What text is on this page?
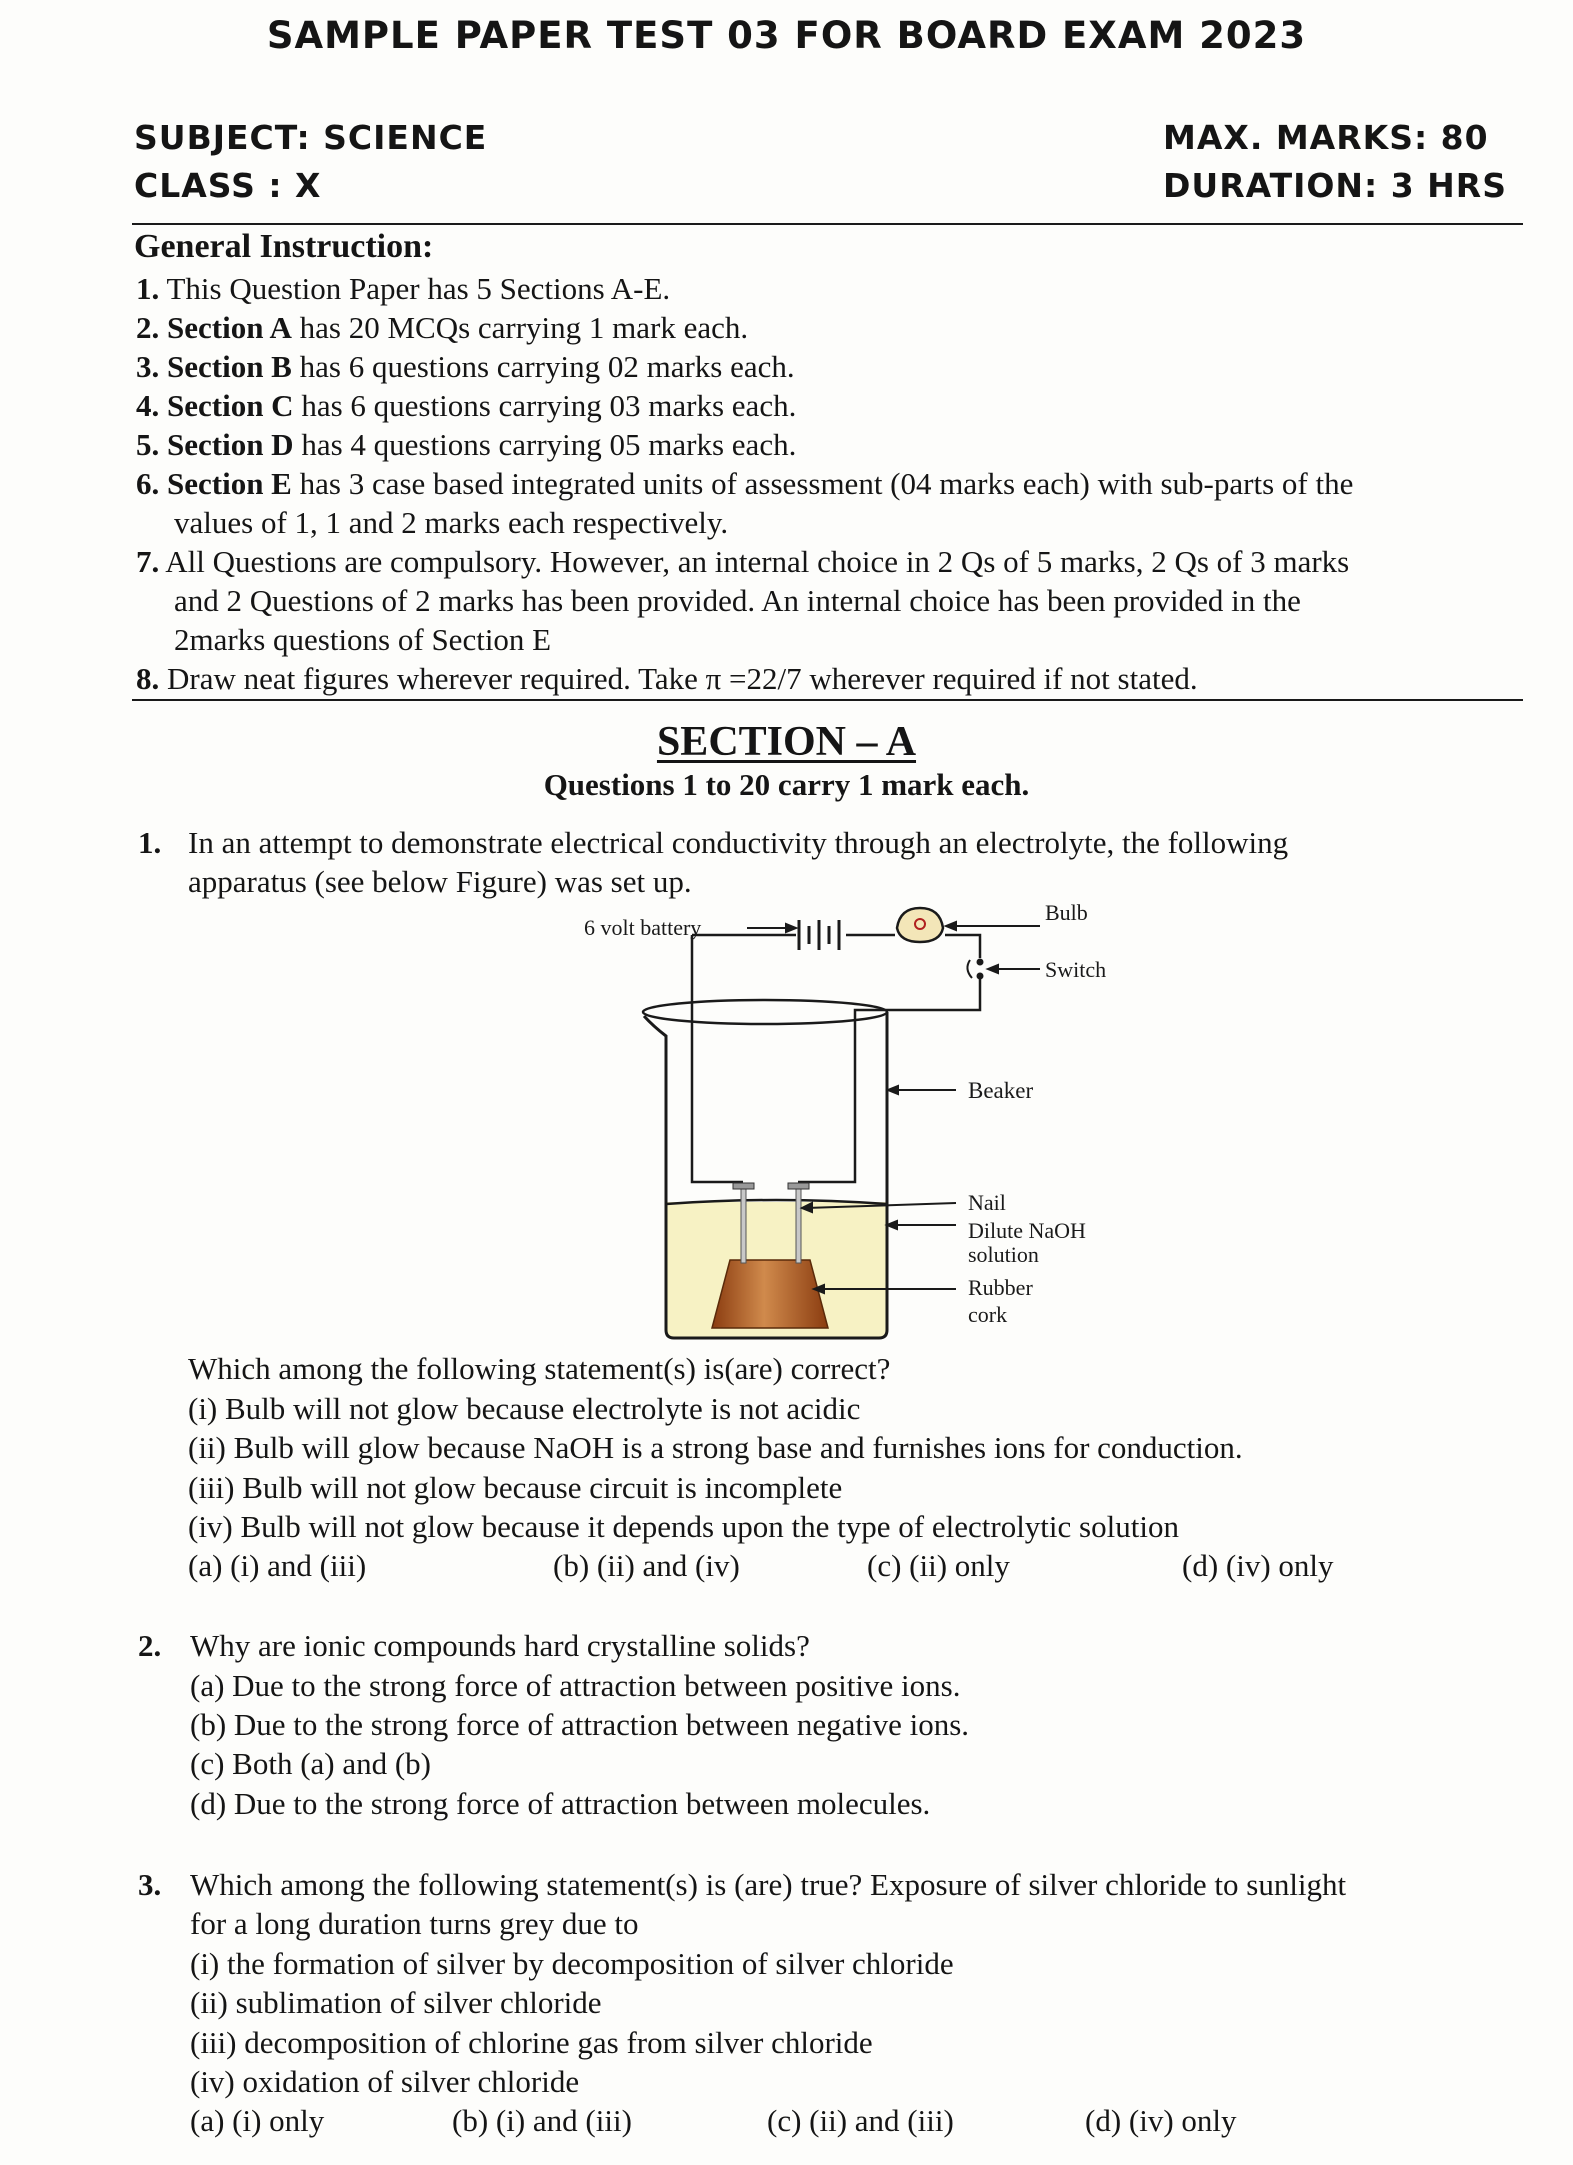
SAMPLE PAPER TEST 03 FOR BOARD EXAM 2023
SUBJECT: SCIENCE	MAX. MARKS: 80
CLASS : X	DURATION: 3 HRS
General Instruction:
1. This Question Paper has 5 Sections A-E.
2. Section A has 20 MCQs carrying 1 mark each.
3. Section B has 6 questions carrying 02 marks each.
4. Section C has 6 questions carrying 03 marks each.
5. Section D has 4 questions carrying 05 marks each.
6. Section E has 3 case based integrated units of assessment (04 marks each) with sub-parts of the
values of 1, 1 and 2 marks each respectively.
7. All Questions are compulsory. However, an internal choice in 2 Qs of 5 marks, 2 Qs of 3 marks
and 2 Questions of 2 marks has been provided. An internal choice has been provided in the
2marks questions of Section E
8. Draw neat figures wherever required. Take π =22/7 wherever required if not stated.
SECTION – A
Questions 1 to 20 carry 1 mark each.
1. In an attempt to demonstrate electrical conductivity through an electrolyte, the following
apparatus (see below Figure) was set up.
6 volt battery
Bulb
Switch
Beaker
Nail
Dilute NaOH
solution
Rubber
cork
Which among the following statement(s) is(are) correct?
(i) Bulb will not glow because electrolyte is not acidic
(ii) Bulb will glow because NaOH is a strong base and furnishes ions for conduction.
(iii) Bulb will not glow because circuit is incomplete
(iv) Bulb will not glow because it depends upon the type of electrolytic solution
(a) (i) and (iii)	(b) (ii) and (iv)	(c) (ii) only	(d) (iv) only
2. Why are ionic compounds hard crystalline solids?
(a) Due to the strong force of attraction between positive ions.
(b) Due to the strong force of attraction between negative ions.
(c) Both (a) and (b)
(d) Due to the strong force of attraction between molecules.
3. Which among the following statement(s) is (are) true? Exposure of silver chloride to sunlight
for a long duration turns grey due to
(i) the formation of silver by decomposition of silver chloride
(ii) sublimation of silver chloride
(iii) decomposition of chlorine gas from silver chloride
(iv) oxidation of silver chloride
(a) (i) only	(b) (i) and (iii)	(c) (ii) and (iii)	(d) (iv) only
